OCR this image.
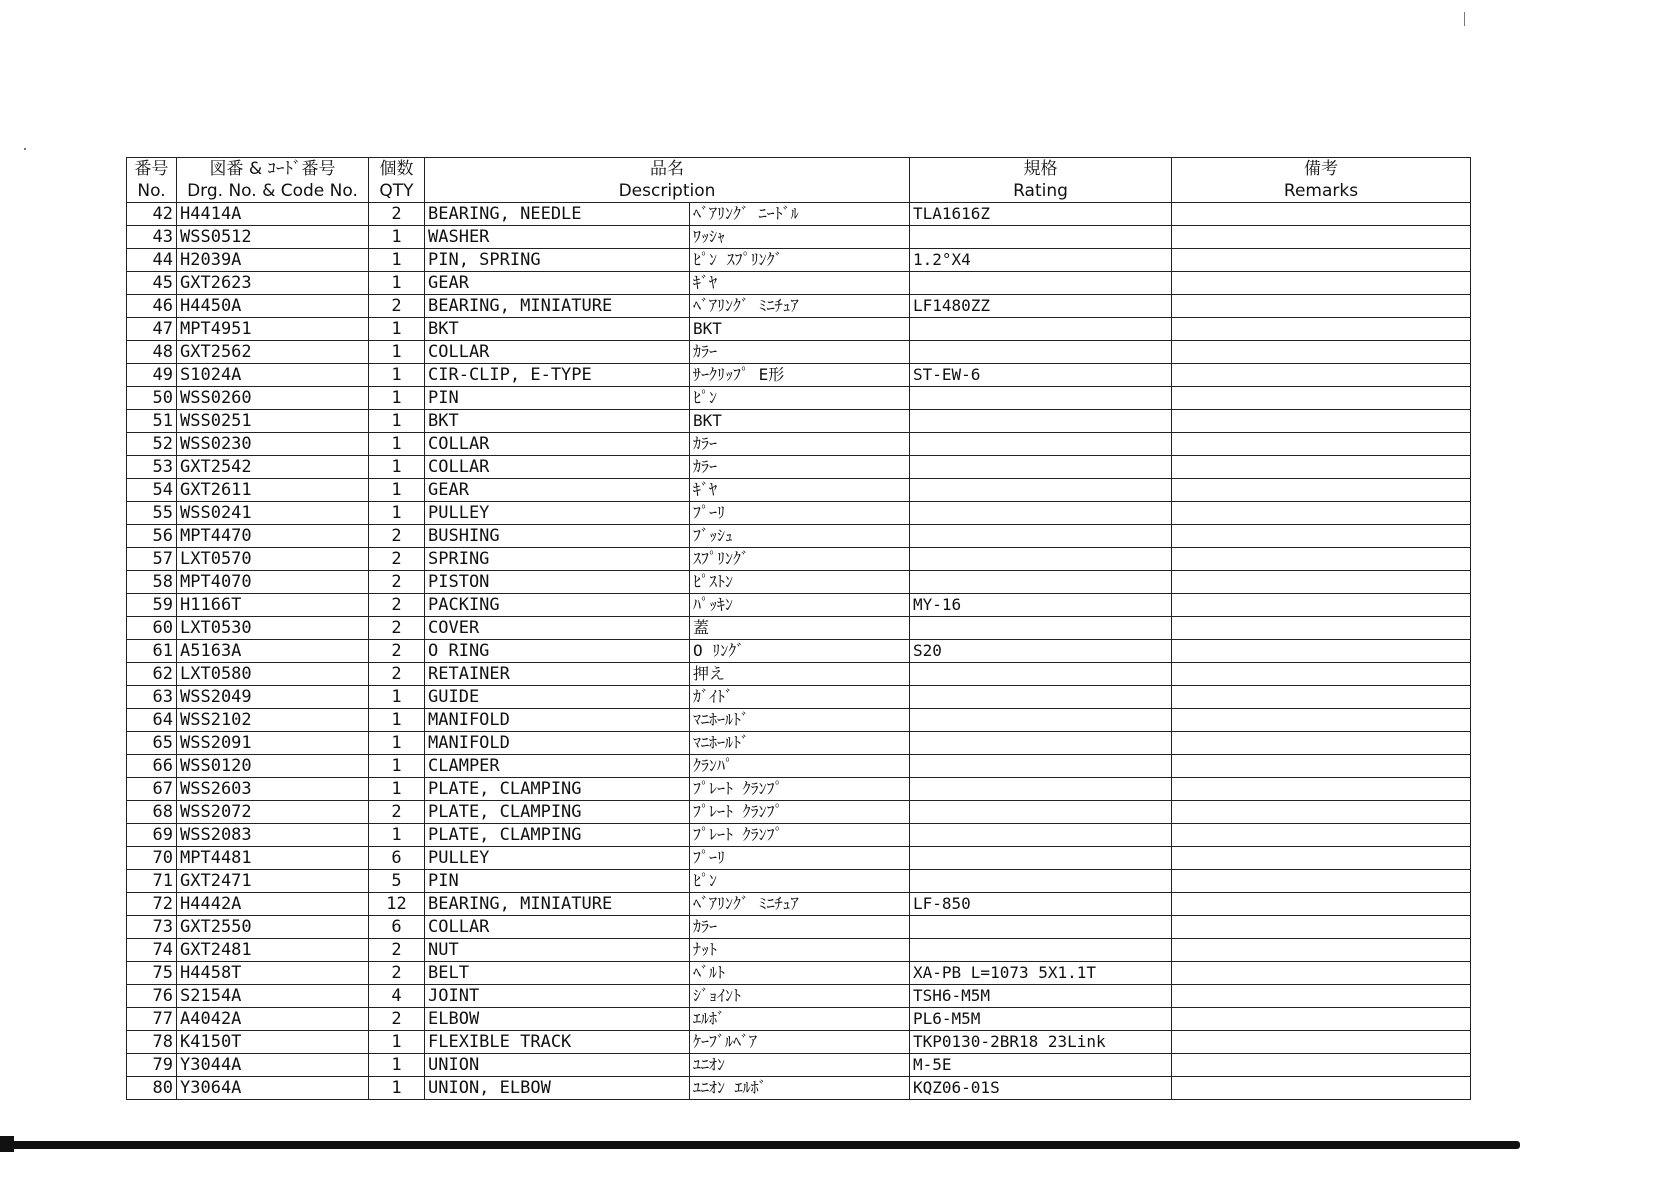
番号	図番 & ｺｰﾄﾞ番号	個数	品名		規格	備考
No.	Drg. No. & Code No.	QTY	Description		Rating	Remarks
42	H4414A	2	BEARING, NEEDLE	ﾍﾞｱﾘﾝｸﾞ ﾆｰﾄﾞﾙ	TLA1616Z	
43	WSS0512	1	WASHER	ﾜｯｼｬ		
44	H2039A	1	PIN, SPRING	ﾋﾟﾝ ｽﾌﾟﾘﾝｸﾞ	1.2°X4	
45	GXT2623	1	GEAR	ｷﾞﾔ		
46	H4450A	2	BEARING, MINIATURE	ﾍﾞｱﾘﾝｸﾞ ﾐﾆﾁｭｱ	LF1480ZZ	
47	MPT4951	1	BKT	BKT		
48	GXT2562	1	COLLAR	ｶﾗｰ		
49	S1024A	1	CIR-CLIP, E-TYPE	ｻｰｸﾘｯﾌﾟ E形	ST-EW-6	
50	WSS0260	1	PIN	ﾋﾟﾝ		
51	WSS0251	1	BKT	BKT		
52	WSS0230	1	COLLAR	ｶﾗｰ		
53	GXT2542	1	COLLAR	ｶﾗｰ		
54	GXT2611	1	GEAR	ｷﾞﾔ		
55	WSS0241	1	PULLEY	ﾌﾟｰﾘ		
56	MPT4470	2	BUSHING	ﾌﾞｯｼｭ		
57	LXT0570	2	SPRING	ｽﾌﾟﾘﾝｸﾞ		
58	MPT4070	2	PISTON	ﾋﾟｽﾄﾝ		
59	H1166T	2	PACKING	ﾊﾟｯｷﾝ	MY-16	
60	LXT0530	2	COVER	蓋		
61	A5163A	2	O RING	O ﾘﾝｸﾞ	S20	
62	LXT0580	2	RETAINER	押え		
63	WSS2049	1	GUIDE	ｶﾞｲﾄﾞ		
64	WSS2102	1	MANIFOLD	ﾏﾆﾎｰﾙﾄﾞ		
65	WSS2091	1	MANIFOLD	ﾏﾆﾎｰﾙﾄﾞ		
66	WSS0120	1	CLAMPER	ｸﾗﾝﾊﾟ		
67	WSS2603	1	PLATE, CLAMPING	ﾌﾟﾚｰﾄ ｸﾗﾝﾌﾟ		
68	WSS2072	2	PLATE, CLAMPING	ﾌﾟﾚｰﾄ ｸﾗﾝﾌﾟ		
69	WSS2083	1	PLATE, CLAMPING	ﾌﾟﾚｰﾄ ｸﾗﾝﾌﾟ		
70	MPT4481	6	PULLEY	ﾌﾟｰﾘ		
71	GXT2471	5	PIN	ﾋﾟﾝ		
72	H4442A	12	BEARING, MINIATURE	ﾍﾞｱﾘﾝｸﾞ ﾐﾆﾁｭｱ	LF-850	
73	GXT2550	6	COLLAR	ｶﾗｰ		
74	GXT2481	2	NUT	ﾅｯﾄ		
75	H4458T	2	BELT	ﾍﾞﾙﾄ	XA-PB L=1073 5X1.1T	
76	S2154A	4	JOINT	ｼﾞｮｲﾝﾄ	TSH6-M5M	
77	A4042A	2	ELBOW	ｴﾙﾎﾞ	PL6-M5M	
78	K4150T	1	FLEXIBLE TRACK	ｹｰﾌﾞﾙﾍﾞｱ	TKP0130-2BR18 23Link	
79	Y3044A	1	UNION	ﾕﾆｵﾝ	M-5E	
80	Y3064A	1	UNION, ELBOW	ﾕﾆｵﾝ ｴﾙﾎﾞ	KQZ06-01S	
